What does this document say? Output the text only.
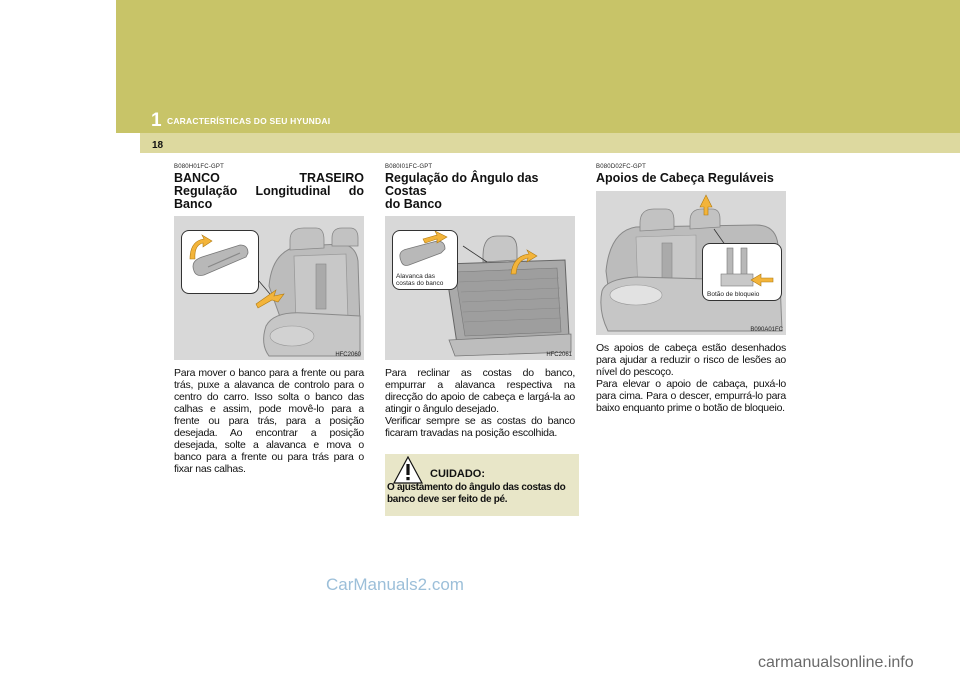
1 CARACTERÍSTICAS DO SEU HYUNDAI
18
B080H01FC-GPT
BANCO TRASEIRO
Regulação Longitudinal do
Banco
HFC2060
Para mover o banco para a frente ou para trás, puxe a alavanca de controlo para o centro do carro. Isso solta o banco das calhas e assim, pode movê-lo para a frente ou para trás, para a posição desejada. Ao encontrar a posição desejada, solte a alavanca e mova o banco para a frente ou para trás para o fixar nas calhas.
B080I01FC-GPT
Regulação do Ângulo das Costas
do Banco
Alavanca das
costas do banco
HFC2061

Para reclinar as costas do banco, empurrar a alavanca respectiva na direcção do apoio de cabeça e largá-la ao atingir o ângulo desejado.

Verificar sempre se as costas do banco ficaram travadas na posição escolhida.

CUIDADO:
O ajustamento do ângulo das costas do banco deve ser feito de pé.
B080D02FC-GPT
Apoios de Cabeça Reguláveis
Botão de bloqueio
B090A01FC

Os apoios de cabeça estão desenhados para ajudar a reduzir o risco de lesões ao nível do pescoço.

Para elevar o apoio de cabaça, puxá-lo para cima. Para o descer, empurrá-lo para baixo enquanto prime o botão de bloqueio.

CarManuals2.com
carmanualsonline.info
